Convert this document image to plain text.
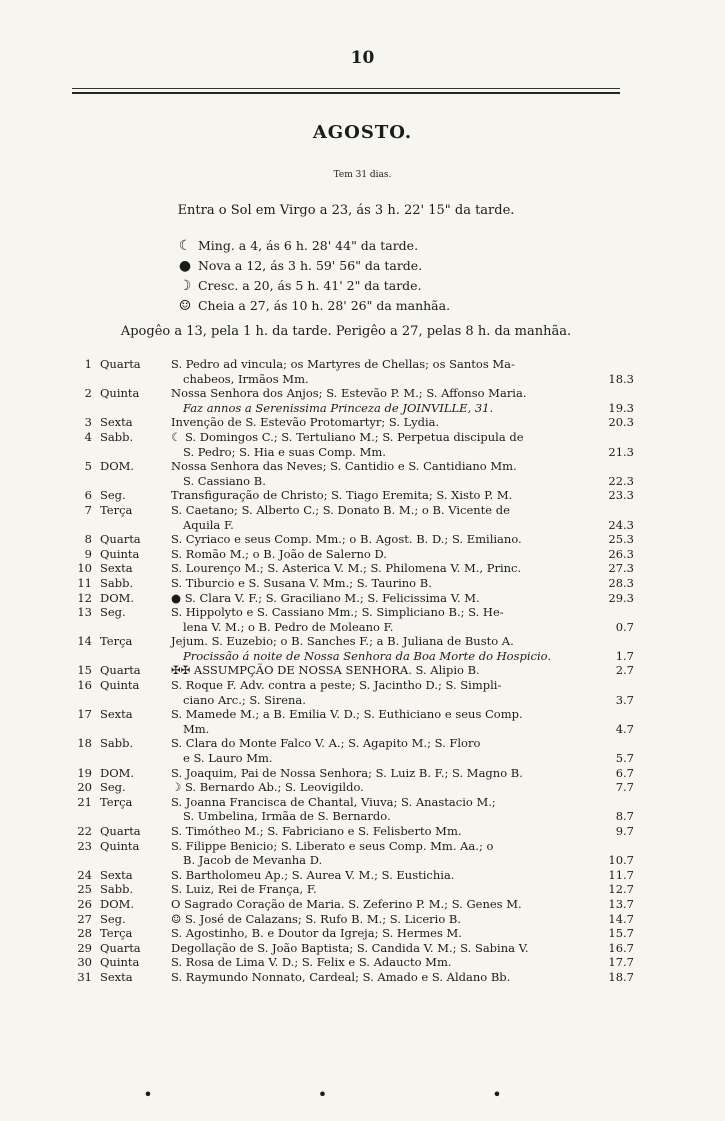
10
AGOSTO.
Tem 31 dias.
Entra o Sol em Virgo a 23, ás 3 h. 22' 15" da tarde.
☾ Ming. a 4, ás 6 h. 28' 44" da tarde.
● Nova a 12, ás 3 h. 59' 56" da tarde.
☽ Cresc. a 20, ás 5 h. 41' 2" da tarde.
☺ Cheia a 27, ás 10 h. 28' 26" da manhãa.
Apogêo a 13, pela 1 h. da tarde. Perigêo a 27, pelas 8 h. da manhãa.
1 Quarta	S. Pedro ad vincula; os Martyres de Chellas; os Santos Ma-
chabeos, Irmãos Mm.	18.3
2 Quinta	Nossa Senhora dos Anjos; S. Estevão P. M.; S. Affonso Maria.
Faz annos a Serenissima Princeza de JOINVILLE, 31.	19.3
3 Sexta	Invenção de S. Estevão Protomartyr; S. Lydia.	20.3
4 Sabb.	☾ S. Domingos C.; S. Tertuliano M.; S. Perpetua discipula de
S. Pedro; S. Hia e suas Comp. Mm.	21.3
5 DOM.	Nossa Senhora das Neves; S. Cantidio e S. Cantidiano Mm.
S. Cassiano B.	22.3
6 Seg.	Transfiguração de Christo; S. Tiago Eremita; S. Xisto P. M.	23.3
7 Terça	S. Caetano; S. Alberto C.; S. Donato B. M.; o B. Vicente de
Aquila F.	24.3
8 Quarta	S. Cyriaco e seus Comp. Mm.; o B. Agost. B. D.; S. Emiliano.	25.3
9 Quinta	S. Romão M.; o B. João de Salerno D.	26.3
10 Sexta	S. Lourenço M.; S. Asterica V. M.; S. Philomena V. M., Princ.	27.3
11 Sabb.	S. Tiburcio e S. Susana V. Mm.; S. Taurino B.	28.3
12 DOM.	● S. Clara V. F.; S. Graciliano M.; S. Felicissima V. M.	29.3
13 Seg.	S. Hippolyto e S. Cassiano Mm.; S. Simpliciano B.; S. He-
lena V. M.; o B. Pedro de Moleano F.	0.7
14 Terça	Jejum. S. Euzebio; o B. Sanches F.; a B. Juliana de Busto A.
Procissão á noite de Nossa Senhora da Boa Morte do Hospicio.	1.7
15 Quarta	✠✠ ASSUMPÇÃO DE NOSSA SENHORA. S. Alipio B.	2.7
16 Quinta	S. Roque F. Adv. contra a peste; S. Jacintho D.; S. Simpli-
ciano Arc.; S. Sirena.	3.7
17 Sexta	S. Mamede M.; a B. Emilia V. D.; S. Euthiciano e seus Comp.
Mm.	4.7
18 Sabb.	S. Clara do Monte Falco V. A.; S. Agapito M.; S. Floro
e S. Lauro Mm.	5.7
19 DOM.	S. Joaquim, Pai de Nossa Senhora; S. Luiz B. F.; S. Magno B.	6.7
20 Seg.	☽ S. Bernardo Ab.; S. Leovigildo.	7.7
21 Terça	S. Joanna Francisca de Chantal, Viuva; S. Anastacio M.;
S. Umbelina, Irmãa de S. Bernardo.	8.7
22 Quarta	S. Timótheo M.; S. Fabriciano e S. Felisberto Mm.	9.7
23 Quinta	S. Filippe Benicio; S. Liberato e seus Comp. Mm. Aa.; o
B. Jacob de Mevanha D.	10.7
24 Sexta	S. Bartholomeu Ap.; S. Aurea V. M.; S. Eustichia.	11.7
25 Sabb.	S. Luiz, Rei de França, F.	12.7
26 DOM.	O Sagrado Coração de Maria. S. Zeferino P. M.; S. Genes M.	13.7
27 Seg.	☺ S. José de Calazans; S. Rufo B. M.; S. Licerio B.	14.7
28 Terça	S. Agostinho, B. e Doutor da Igreja; S. Hermes M.	15.7
29 Quarta	Degollação de S. João Baptista; S. Candida V. M.; S. Sabina V.	16.7
30 Quinta	S. Rosa de Lima V. D.; S. Felix e S. Adaucto Mm.	17.7
31 Sexta	S. Raymundo Nonnato, Cardeal; S. Amado e S. Aldano Bb.	18.7
• • •
